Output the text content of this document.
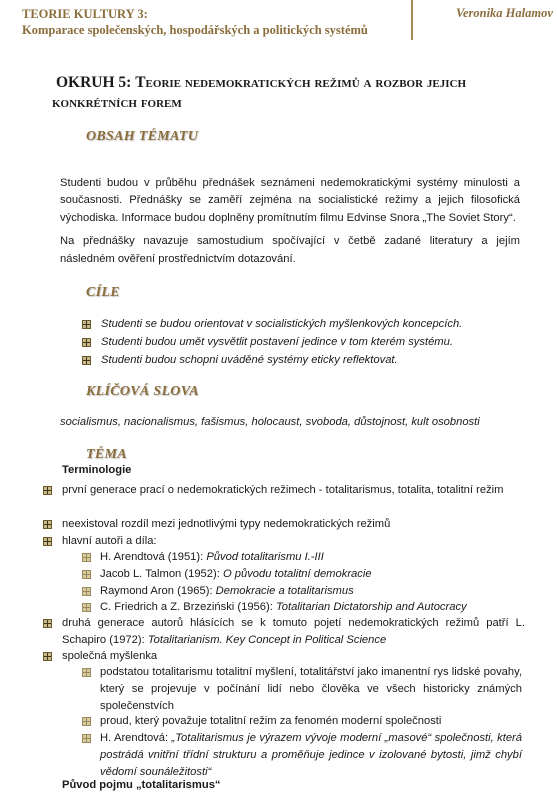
TEORIE KULTURY 3:
Komparace společenských, hospodářských a politických systémů
Veronika Halamov
OKRUH 5: Teorie nedemokratických režimů a rozbor jejich
konkrétních forem
OBSAH TÉMATU
Studenti budou v průběhu přednášek seznámeni nedemokratickými systémy minulosti a současnosti. Přednášky se zaměří zejména na socialistické režimy a jejich filosofická východiska. Informace budou doplněny promítnutím filmu Edvinse Snora „The Soviet Story“.
Na přednášky navazuje samostudium spočívající v četbě zadané literatury a jejím následném ověření prostřednictvím dotazování.
CÍLE
Studenti se budou orientovat v socialistických myšlenkových koncepcích.
Studenti budou umět vysvětlit postavení jedince v tom kterém systému.
Studenti budou schopni uváděné systémy eticky reflektovat.
KLÍČOVÁ SLOVA
socialismus, nacionalismus, fašismus, holocaust, svoboda, důstojnost, kult osobnosti
TÉMA
Terminologie
první generace prací o nedemokratických režimech - totalitarismus, totalita, totalitní režim
neexistoval rozdíl mezi jednotlivými typy nedemokratických režimů
hlavní autoři a díla:
H. Arendtová (1951): Původ totalitarismu I.-III
Jacob L. Talmon (1952): O původu totalitní demokracie
Raymond Aron (1965): Demokracie a totalitarismus
C. Friedrich a Z. Brzeziński (1956): Totalitarian Dictatorship and Autocracy
druhá generace autorů hlásících se k tomuto pojetí nedemokratických režimů patří L. Schapiro (1972): Totalitarianism. Key Concept in Political Science
společná myšlenka
podstatou totalitarismu totalitní myšlení, totalitářství jako imanentní rys lidské povahy, který se projevuje v počínání lidí nebo člověka ve všech historicky známých společenstvích
proud, který považuje totalitní režim za fenomén moderní společnosti
H. Arendtová: „Totalitarismus je výrazem vývoje moderní „masové“ společnosti, která postrádá vnitřní třídní strukturu a proměňuje jedince v izolované bytosti, jimž chybí vědomí sounáležitosti“
Původ pojmu „totalitarismus“
